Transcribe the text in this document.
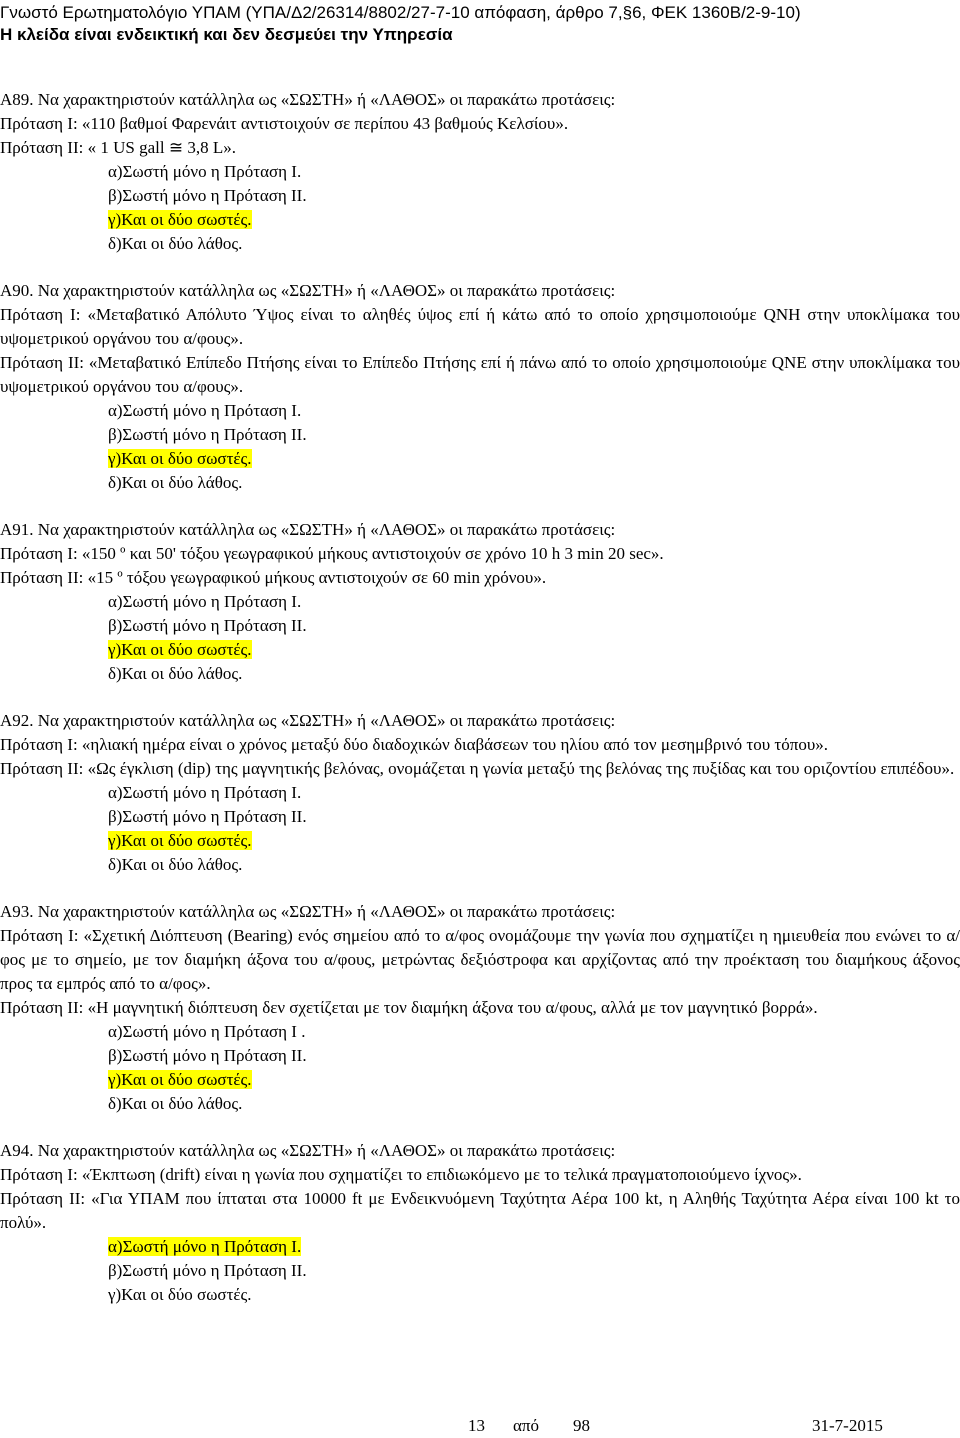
Γνωστό Ερωτηματολόγιο ΥΠΑΜ (ΥΠΑ/Δ2/26314/8802/27-7-10 απόφαση, άρθρο 7,§6, ΦΕΚ 1360Β/2-9-10)
Η κλείδα είναι ενδεικτική και δεν δεσμεύει την Υπηρεσία
Α89. Να χαρακτηριστούν κατάλληλα ως «ΣΩΣΤΗ» ή «ΛΑΘΟΣ» οι παρακάτω προτάσεις:
Πρόταση Ι: «110 βαθμοί Φαρενάιτ αντιστοιχούν σε περίπου 43 βαθμούς Κελσίου».
Πρόταση ΙΙ: « 1 US gall ≅ 3,8 L».
α)Σωστή μόνο η Πρόταση Ι.
β)Σωστή μόνο η Πρόταση ΙΙ.
γ)Και οι δύο σωστές.
δ)Και οι δύο λάθος.
Α90. Να χαρακτηριστούν κατάλληλα ως «ΣΩΣΤΗ» ή «ΛΑΘΟΣ» οι παρακάτω προτάσεις:
Πρόταση Ι: «Μεταβατικό Απόλυτο Ύψος είναι το αληθές ύψος επί ή κάτω από το οποίο χρησιμοποιούμε QNH στην υποκλίμακα του υψομετρικού οργάνου του α/φους».
Πρόταση ΙΙ: «Μεταβατικό Επίπεδο Πτήσης είναι το Επίπεδο Πτήσης επί ή πάνω από το οποίο χρησιμοποιούμε QNE στην υποκλίμακα του υψομετρικού οργάνου του α/φους».
α)Σωστή μόνο η Πρόταση Ι.
β)Σωστή μόνο η Πρόταση ΙΙ.
γ)Και οι δύο σωστές.
δ)Και οι δύο λάθος.
Α91. Να χαρακτηριστούν κατάλληλα ως «ΣΩΣΤΗ» ή «ΛΑΘΟΣ» οι παρακάτω προτάσεις:
Πρόταση Ι: «150 º και 50' τόξου γεωγραφικού μήκους αντιστοιχούν σε χρόνο 10 h 3 min 20 sec».
Πρόταση ΙΙ: «15 º τόξου γεωγραφικού μήκους αντιστοιχούν σε 60 min χρόνου».
α)Σωστή μόνο η Πρόταση Ι.
β)Σωστή μόνο η Πρόταση ΙΙ.
γ)Και οι δύο σωστές.
δ)Και οι δύο λάθος.
Α92. Να χαρακτηριστούν κατάλληλα ως «ΣΩΣΤΗ» ή «ΛΑΘΟΣ» οι παρακάτω προτάσεις:
Πρόταση Ι: «ηλιακή ημέρα είναι ο χρόνος μεταξύ δύο διαδοχικών διαβάσεων του ηλίου από τον μεσημβρινό του τόπου».
Πρόταση ΙΙ: «Ως έγκλιση (dip) της μαγνητικής βελόνας, ονομάζεται η γωνία μεταξύ της βελόνας της πυξίδας και του οριζοντίου επιπέδου».
α)Σωστή μόνο η Πρόταση Ι.
β)Σωστή μόνο η Πρόταση ΙΙ.
γ)Και οι δύο σωστές.
δ)Και οι δύο λάθος.
Α93. Να χαρακτηριστούν κατάλληλα ως «ΣΩΣΤΗ» ή «ΛΑΘΟΣ» οι παρακάτω προτάσεις:
Πρόταση Ι: «Σχετική Διόπτευση (Bearing) ενός σημείου από το α/φος ονομάζουμε την γωνία που σχηματίζει η ημιευθεία που ενώνει το α/φος με το σημείο, με τον διαμήκη άξονα του α/φους, μετρώντας δεξιόστροφα και αρχίζοντας από την προέκταση του διαμήκους άξονος προς τα εμπρός από το α/φος».
Πρόταση ΙΙ: «Η μαγνητική διόπτευση δεν σχετίζεται με τον διαμήκη άξονα του α/φους, αλλά με τον μαγνητικό βορρά».
α)Σωστή μόνο η Πρόταση Ι .
β)Σωστή μόνο η Πρόταση ΙΙ.
γ)Και οι δύο σωστές.
δ)Και οι δύο λάθος.
Α94. Να χαρακτηριστούν κατάλληλα ως «ΣΩΣΤΗ» ή «ΛΑΘΟΣ» οι παρακάτω προτάσεις:
Πρόταση Ι: «Έκπτωση (drift) είναι η γωνία που σχηματίζει το επιδιωκόμενο με το τελικά πραγματοποιούμενο ίχνος».
Πρόταση ΙΙ: «Για ΥΠΑΜ που ίπταται στα 10000 ft με Ενδεικνυόμενη Ταχύτητα Αέρα 100 kt, η Αληθής Ταχύτητα Αέρα είναι 100 kt το πολύ».
α)Σωστή μόνο η Πρόταση Ι.
β)Σωστή μόνο η Πρόταση ΙΙ.
γ)Και οι δύο σωστές.
13 από 98	31-7-2015
